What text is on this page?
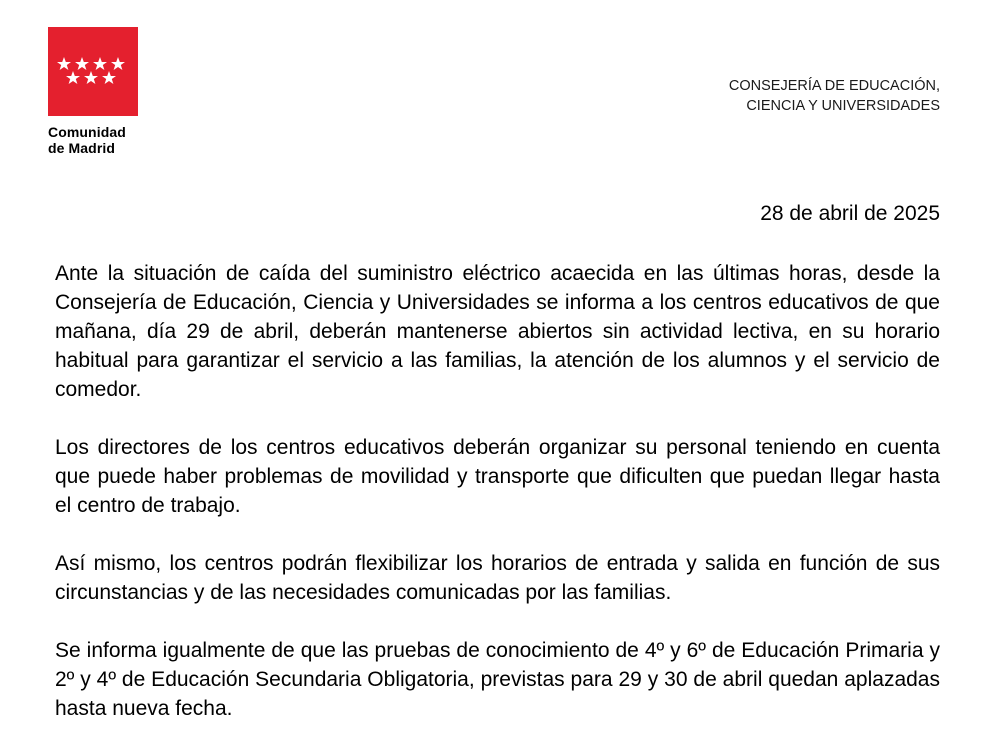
Comunidad
de Madrid
CONSEJERÍA DE EDUCACIÓN,
CIENCIA Y UNIVERSIDADES
28 de abril de 2025

Ante la situación de caída del suministro eléctrico acaecida en las últimas horas, desde la Consejería de Educación, Ciencia y Universidades se informa a los centros educativos de que mañana, día 29 de abril, deberán mantenerse abiertos sin actividad lectiva, en su horario habitual para garantizar el servicio a las familias, la atención de los alumnos y el servicio de comedor.

Los directores de los centros educativos deberán organizar su personal teniendo en cuenta que puede haber problemas de movilidad y transporte que dificulten que puedan llegar hasta el centro de trabajo.

Así mismo, los centros podrán flexibilizar los horarios de entrada y salida en función de sus circunstancias y de las necesidades comunicadas por las familias.

Se informa igualmente de que las pruebas de conocimiento de 4º y 6º de Educación Primaria y 2º y 4º de Educación Secundaria Obligatoria, previstas para 29 y 30 de abril quedan aplazadas hasta nueva fecha.
